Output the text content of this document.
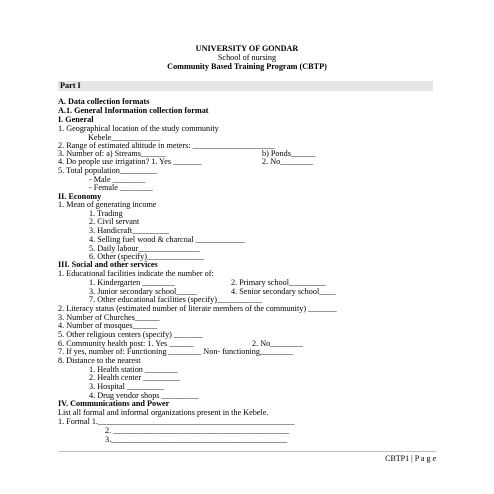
UNIVERSITY OF GONDAR
School of nursing
Community Based Training Program (CBTP)
Part I
A. Data collection formats
A.1. General Information collection format
I. General
1. Geographical location of the study community
Kebele____________
2. Range of estimated altitude in meters: ____________________
3. Number of: a) Streams______	b) Ponds______
4. Do people use irrigation? 1. Yes _______	2. No________
5. Total population_________
- Male ________
- Female ________
II. Economy
1. Mean of generating income
1. Trading
2. Civil servant
3. Handicraft_________
4. Selling fuel wood & charcoal ____________
5. Daily labour_______________
6. Other (specify)______________
III. Social and other services
1. Educational facilities indicate the number of:
1. Kindergarten ________	2. Primary school_________
3. Junior secondary school_____	4. Senior secondary school____
7. Other educational facilities (specify)___________
2. Literacy status (estimated number of literate members of the community) _______
3. Number of Churches______
4. Number of mosques______
5. Other religious centers (specify) _______
6. Community health post: 1. Yes ______	2. No________
7. If yes, number of: Functioning ________ Non- functioning________
8. Distance to the nearest
1. Health station ________
2. Health center _________
3. Hospital _________
4. Drug vendor shops _________
IV. Communications and Power
List all formal and informal organizations present in the Kebele.
1. Formal 1.________________________________________________
2. ___________________________________________
3.___________________________________________
CBTP1 | P a g e
